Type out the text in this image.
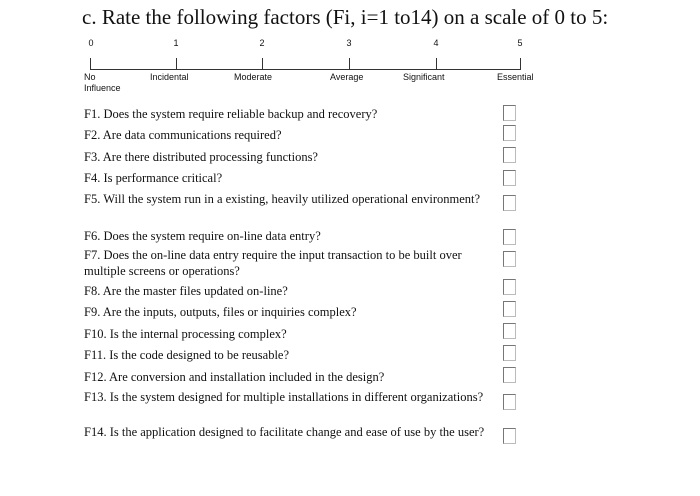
c. Rate the following factors (Fi, i=1 to14) on a scale of 0 to 5:
0	1	2	3	4	5
No
Influence
Incidental	Moderate	Average	Significant	Essential
F1. Does the system require reliable backup and recovery?
F2. Are data communications required?
F3. Are there distributed processing functions?
F4. Is performance critical?
F5. Will the system run in a existing, heavily utilized operational environment?
F6. Does the system require on-line data entry?
F7. Does the on-line data entry require the input transaction to be built over multiple screens or operations?
F8. Are the master files updated on-line?
F9. Are the inputs, outputs, files or inquiries complex?
F10. Is the internal processing complex?
F11. Is the code designed to be reusable?
F12. Are conversion and installation included in the design?
F13. Is the system designed for multiple installations in different organizations?
F14. Is the application designed to facilitate change and ease of use by the user?
